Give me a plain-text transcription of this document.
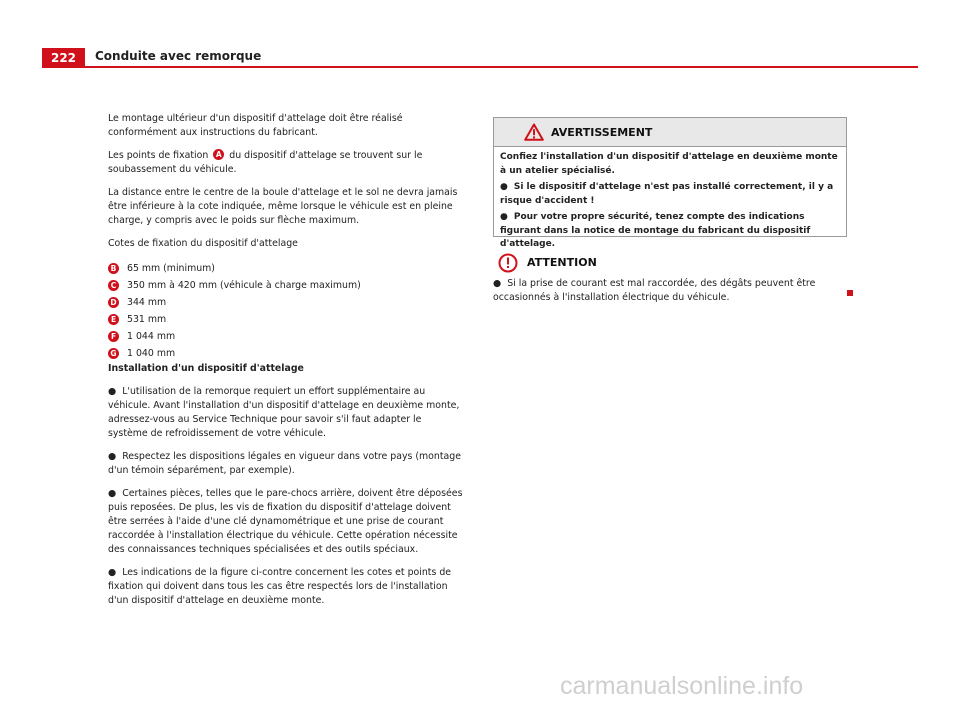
222	Conduite avec remorque

Le montage ultérieur d'un dispositif d'attelage doit être réalisé conformément aux instructions du fabricant.

Les points de fixation A du dispositif d'attelage se trouvent sur le soubassement du véhicule.

La distance entre le centre de la boule d'attelage et le sol ne devra jamais être inférieure à la cote indiquée, même lorsque le véhicule est en pleine charge, y compris avec le poids sur flèche maximum.

Cotes de fixation du dispositif d'attelage

B 65 mm (minimum)
C 350 mm à 420 mm (véhicule à charge maximum)
D 344 mm
E	531 mm
F	1 044 mm
G 1 040 mm

Installation d'un dispositif d'attelage

● L'utilisation de la remorque requiert un effort supplémentaire au véhicule. Avant l'installation d'un dispositif d'attelage en deuxième monte, adressez-vous au Service Technique pour savoir s'il faut adapter le système de refroidissement de votre véhicule.

● Respectez les dispositions légales en vigueur dans votre pays (montage d'un témoin séparément, par exemple).

● Certaines pièces, telles que le pare-chocs arrière, doivent être déposées puis reposées. De plus, les vis de fixation du dispositif d'attelage doivent être serrées à l'aide d'une clé dynamométrique et une prise de courant raccordée à l'installation électrique du véhicule. Cette opération nécessite des connaissances techniques spécialisées et des outils spéciaux.

● Les indications de la figure ci-contre concernent les cotes et points de fixation qui doivent dans tous les cas être respectés lors de l'installation d'un dispositif d'attelage en deuxième monte.

AVERTISSEMENT

Confiez l'installation d'un dispositif d'attelage en deuxième monte à un atelier spécialisé.

● Si le dispositif d'attelage n'est pas installé correctement, il y a risque d'accident !

● Pour votre propre sécurité, tenez compte des indications figurant dans la notice de montage du fabricant du dispositif d'attelage.

ATTENTION

● Si la prise de courant est mal raccordée, des dégâts peuvent être occasionnés à l'installation électrique du véhicule.

carmanualsonline.info
